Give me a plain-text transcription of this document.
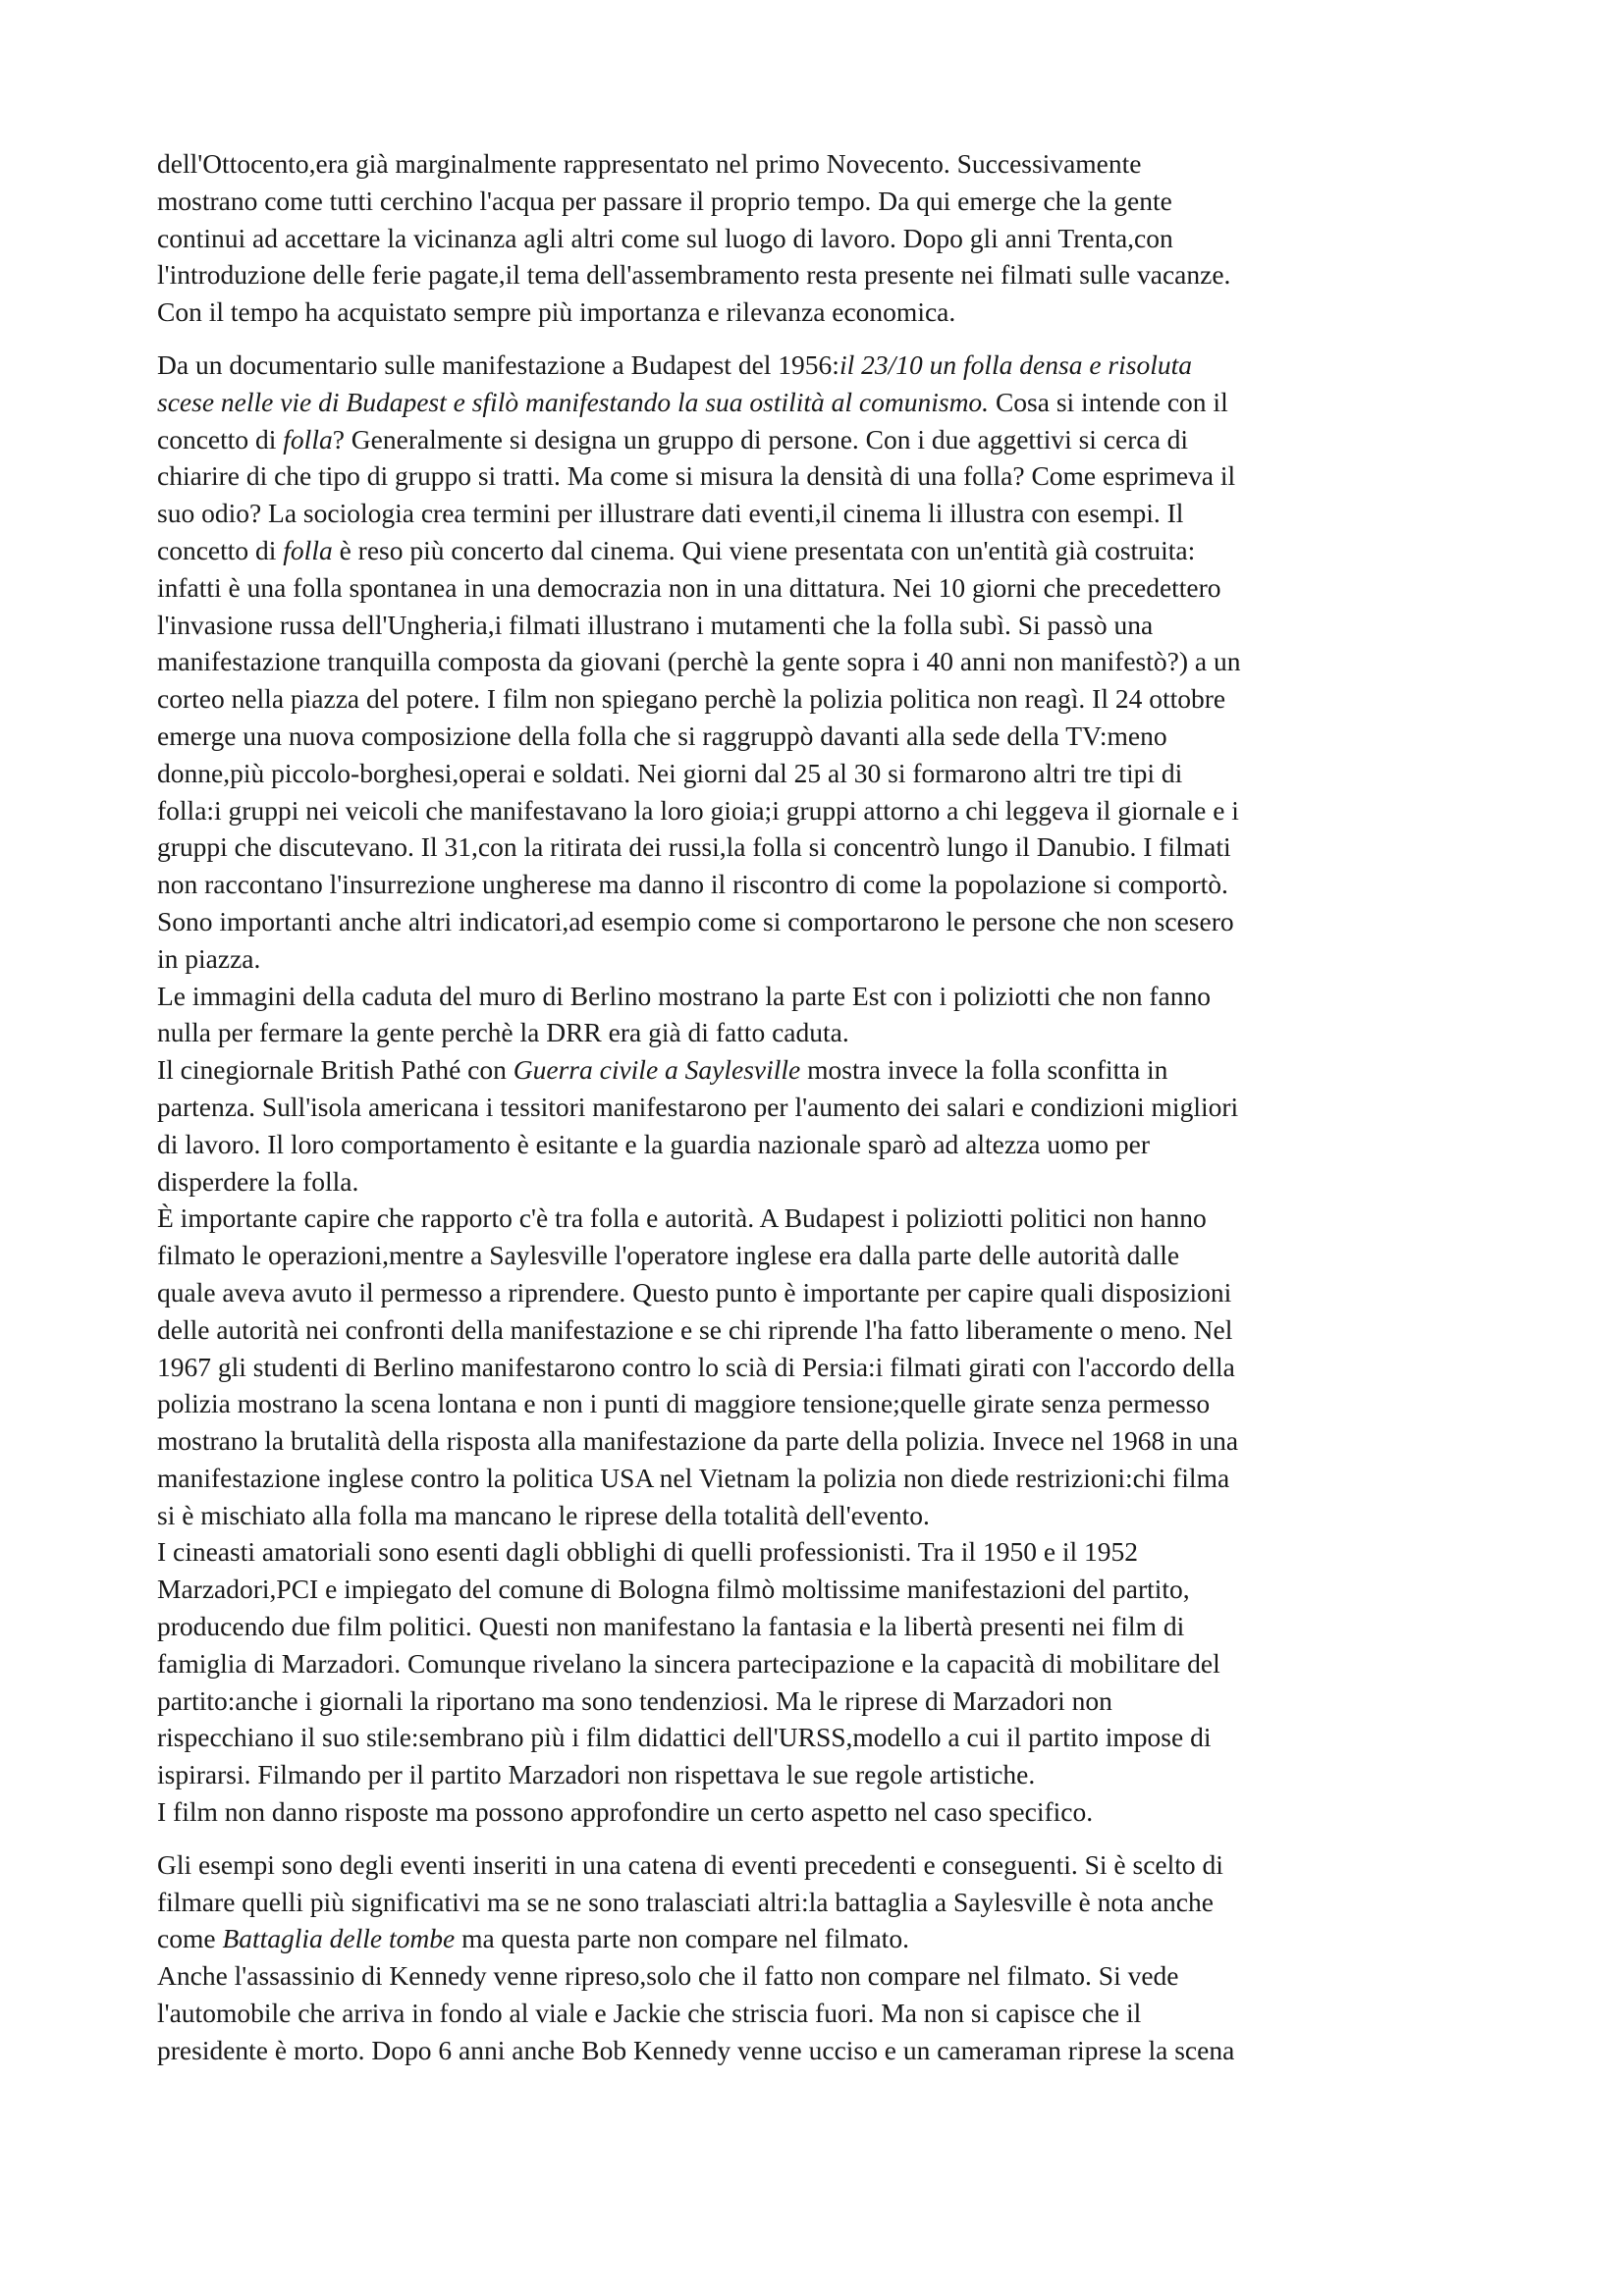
dell'Ottocento,era già marginalmente rappresentato nel primo Novecento. Successivamente
mostrano come tutti cerchino l'acqua per passare il proprio tempo. Da qui emerge che la gente
continui ad accettare la vicinanza agli altri come sul luogo di lavoro. Dopo gli anni Trenta,con
l'introduzione delle ferie pagate,il tema dell'assembramento resta presente nei filmati sulle vacanze.
Con il tempo ha acquistato sempre più importanza e rilevanza economica.

Da un documentario sulle manifestazione a Budapest del 1956:il 23/10 un folla densa e risoluta
scese nelle vie di Budapest e sfilò manifestando la sua ostilità al comunismo. Cosa si intende con il
concetto di folla? Generalmente si designa un gruppo di persone. Con i due aggettivi si cerca di
chiarire di che tipo di gruppo si tratti. Ma come si misura la densità di una folla? Come esprimeva il
suo odio? La sociologia crea termini per illustrare dati eventi,il cinema li illustra con esempi. Il
concetto di folla è reso più concerto dal cinema. Qui viene presentata con un'entità già costruita:
infatti è una folla spontanea in una democrazia non in una dittatura. Nei 10 giorni che precedettero
l'invasione russa dell'Ungheria,i filmati illustrano i mutamenti che la folla subì. Si passò una
manifestazione tranquilla composta da giovani (perchè la gente sopra i 40 anni non manifestò?) a un
corteo nella piazza del potere. I film non spiegano perchè la polizia politica non reagì. Il 24 ottobre
emerge una nuova composizione della folla che si raggruppò davanti alla sede della TV:meno
donne,più piccolo-borghesi,operai e soldati. Nei giorni dal 25 al 30 si formarono altri tre tipi di
folla:i gruppi nei veicoli che manifestavano la loro gioia;i gruppi attorno a chi leggeva il giornale e i
gruppi che discutevano. Il 31,con la ritirata dei russi,la folla si concentrò lungo il Danubio. I filmati
non raccontano l'insurrezione ungherese ma danno il riscontro di come la popolazione si comportò.
Sono importanti anche altri indicatori,ad esempio come si comportarono le persone che non scesero
in piazza.
Le immagini della caduta del muro di Berlino mostrano la parte Est con i poliziotti che non fanno
nulla per fermare la gente perchè la DRR era già di fatto caduta.
Il cinegiornale British Pathé con Guerra civile a Saylesville mostra invece la folla sconfitta in
partenza. Sull'isola americana i tessitori manifestarono per l'aumento dei salari e condizioni migliori
di lavoro. Il loro comportamento è esitante e la guardia nazionale sparò ad altezza uomo per
disperdere la folla.
È importante capire che rapporto c'è tra folla e autorità. A Budapest i poliziotti politici non hanno
filmato le operazioni,mentre a Saylesville l'operatore inglese era dalla parte delle autorità dalle
quale aveva avuto il permesso a riprendere. Questo punto è importante per capire quali disposizioni
delle autorità nei confronti della manifestazione e se chi riprende l'ha fatto liberamente o meno. Nel
1967 gli studenti di Berlino manifestarono contro lo scià di Persia:i filmati girati con l'accordo della
polizia mostrano la scena lontana e non i punti di maggiore tensione;quelle girate senza permesso
mostrano la brutalità della risposta alla manifestazione da parte della polizia. Invece nel 1968 in una
manifestazione inglese contro la politica USA nel Vietnam la polizia non diede restrizioni:chi filma
si è mischiato alla folla ma mancano le riprese della totalità dell'evento.
I cineasti amatoriali sono esenti dagli obblighi di quelli professionisti. Tra il 1950 e il 1952
Marzadori,PCI e impiegato del comune di Bologna filmò moltissime manifestazioni del partito,
producendo due film politici. Questi non manifestano la fantasia e la libertà presenti nei film di
famiglia di Marzadori. Comunque rivelano la sincera partecipazione e la capacità di mobilitare del
partito:anche i giornali la riportano ma sono tendenziosi. Ma le riprese di Marzadori non
rispecchiano il suo stile:sembrano più i film didattici dell'URSS,modello a cui il partito impose di
ispirarsi. Filmando per il partito Marzadori non rispettava le sue regole artistiche.
I film non danno risposte ma possono approfondire un certo aspetto nel caso specifico.

Gli esempi sono degli eventi inseriti in una catena di eventi precedenti e conseguenti. Si è scelto di
filmare quelli più significativi ma se ne sono tralasciati altri:la battaglia a Saylesville è nota anche
come Battaglia delle tombe ma questa parte non compare nel filmato.
Anche l'assassinio di Kennedy venne ripreso,solo che il fatto non compare nel filmato. Si vede
l'automobile che arriva in fondo al viale e Jackie che striscia fuori. Ma non si capisce che il
presidente è morto. Dopo 6 anni anche Bob Kennedy venne ucciso e un cameraman riprese la scena
